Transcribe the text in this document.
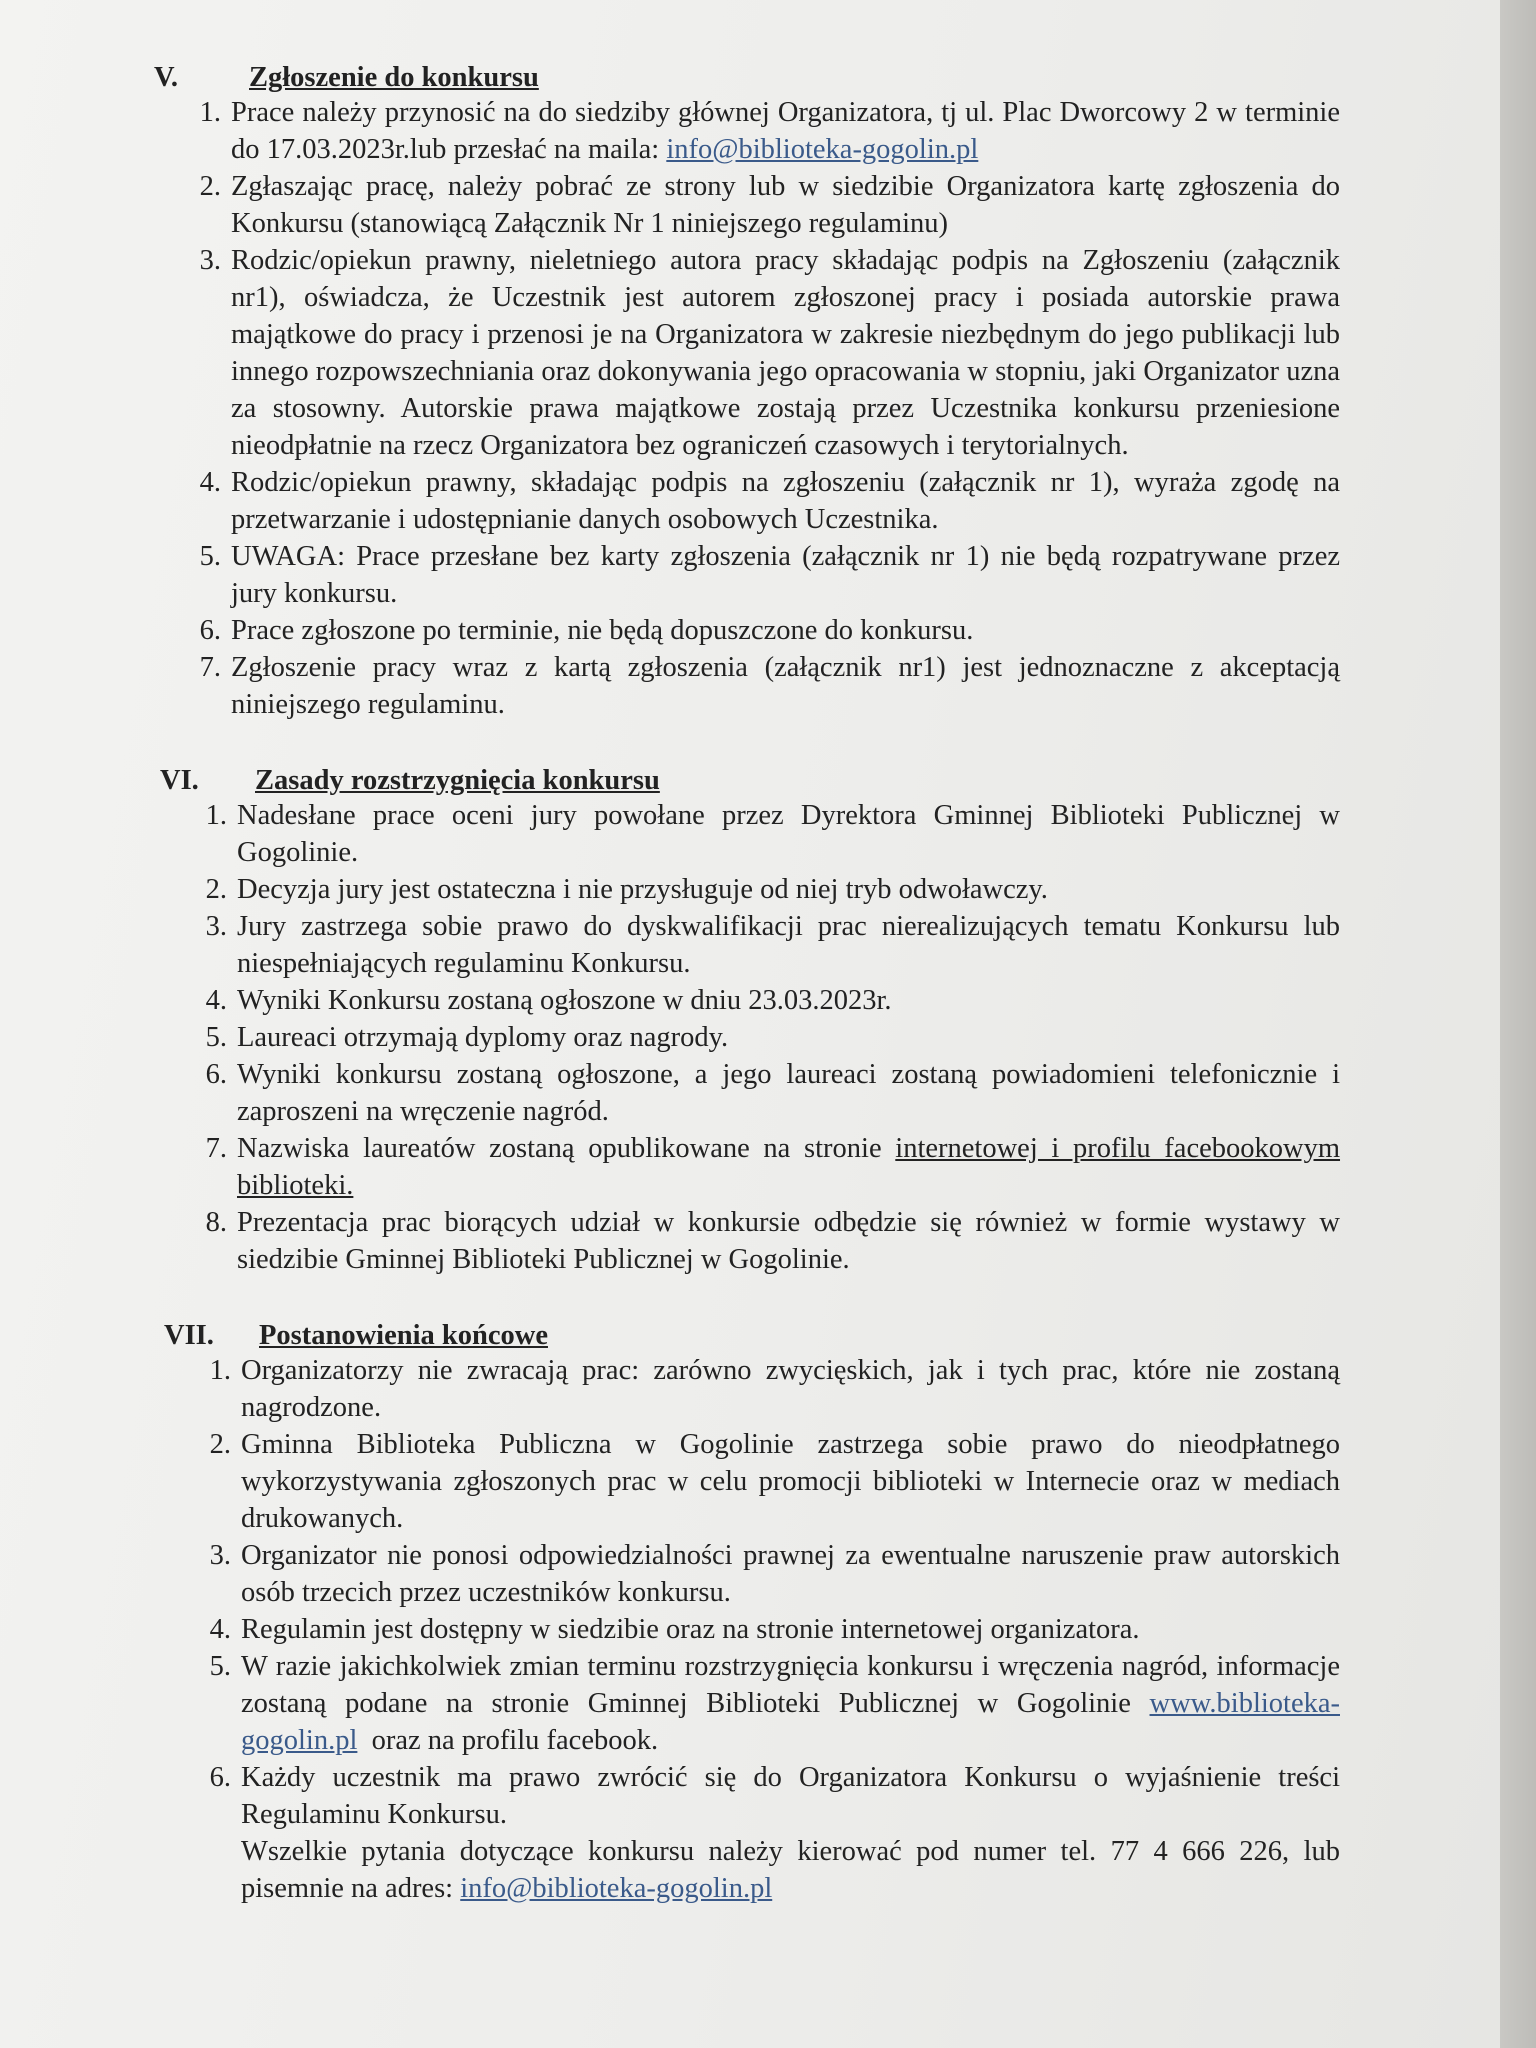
V.	Zgłoszenie do konkursu
1. Prace należy przynosić na do siedziby głównej Organizatora, tj ul. Plac Dworcowy 2 w terminie do 17.03.2023r.lub przesłać na maila: info@biblioteka-gogolin.pl
2. Zgłaszając pracę, należy pobrać ze strony lub w siedzibie Organizatora kartę zgłoszenia do Konkursu (stanowiącą Załącznik Nr 1 niniejszego regulaminu)
3. Rodzic/opiekun prawny, nieletniego autora pracy składając podpis na Zgłoszeniu (załącznik nr1), oświadcza, że Uczestnik jest autorem zgłoszonej pracy i posiada autorskie prawa majątkowe do pracy i przenosi je na Organizatora w zakresie niezbędnym do jego publikacji lub innego rozpowszechniania oraz dokonywania jego opracowania w stopniu, jaki Organizator uzna za stosowny. Autorskie prawa majątkowe zostają przez Uczestnika konkursu przeniesione nieodpłatnie na rzecz Organizatora bez ograniczeń czasowych i terytorialnych.
4. Rodzic/opiekun prawny, składając podpis na zgłoszeniu (załącznik nr 1), wyraża zgodę na przetwarzanie i udostępnianie danych osobowych Uczestnika.
5. UWAGA: Prace przesłane bez karty zgłoszenia (załącznik nr 1) nie będą rozpatrywane przez jury konkursu.
6. Prace zgłoszone po terminie, nie będą dopuszczone do konkursu.
7. Zgłoszenie pracy wraz z kartą zgłoszenia (załącznik nr1) jest jednoznaczne z akceptacją niniejszego regulaminu.
VI.	Zasady rozstrzygnięcia konkursu
1. Nadesłane prace oceni jury powołane przez Dyrektora Gminnej Biblioteki Publicznej w Gogolinie.
2. Decyzja jury jest ostateczna i nie przysługuje od niej tryb odwoławczy.
3. Jury zastrzega sobie prawo do dyskwalifikacji prac nierealizujących tematu Konkursu lub niespełniających regulaminu Konkursu.
4. Wyniki Konkursu zostaną ogłoszone w dniu 23.03.2023r.
5. Laureaci otrzymają dyplomy oraz nagrody.
6. Wyniki konkursu zostaną ogłoszone, a jego laureaci zostaną powiadomieni telefonicznie i zaproszeni na wręczenie nagród.
7. Nazwiska laureatów zostaną opublikowane na stronie internetowej i profilu facebookowym biblioteki.
8. Prezentacja prac biorących udział w konkursie odbędzie się również w formie wystawy w siedzibie Gminnej Biblioteki Publicznej w Gogolinie.
VII.	Postanowienia końcowe
1. Organizatorzy nie zwracają prac: zarówno zwycięskich, jak i tych prac, które nie zostaną nagrodzone.
2. Gminna Biblioteka Publiczna w Gogolinie zastrzega sobie prawo do nieodpłatnego wykorzystywania zgłoszonych prac w celu promocji biblioteki w Internecie oraz w mediach drukowanych.
3. Organizator nie ponosi odpowiedzialności prawnej za ewentualne naruszenie praw autorskich osób trzecich przez uczestników konkursu.
4. Regulamin jest dostępny w siedzibie oraz na stronie internetowej organizatora.
5. W razie jakichkolwiek zmian terminu rozstrzygnięcia konkursu i wręczenia nagród, informacje zostaną podane na stronie Gminnej Biblioteki Publicznej w Gogolinie www.biblioteka-gogolin.pl  oraz na profilu facebook.
6. Każdy uczestnik ma prawo zwrócić się do Organizatora Konkursu o wyjaśnienie treści Regulaminu Konkursu.
Wszelkie pytania dotyczące konkursu należy kierować pod numer tel. 77 4 666 226, lub pisemnie na adres: info@biblioteka-gogolin.pl
